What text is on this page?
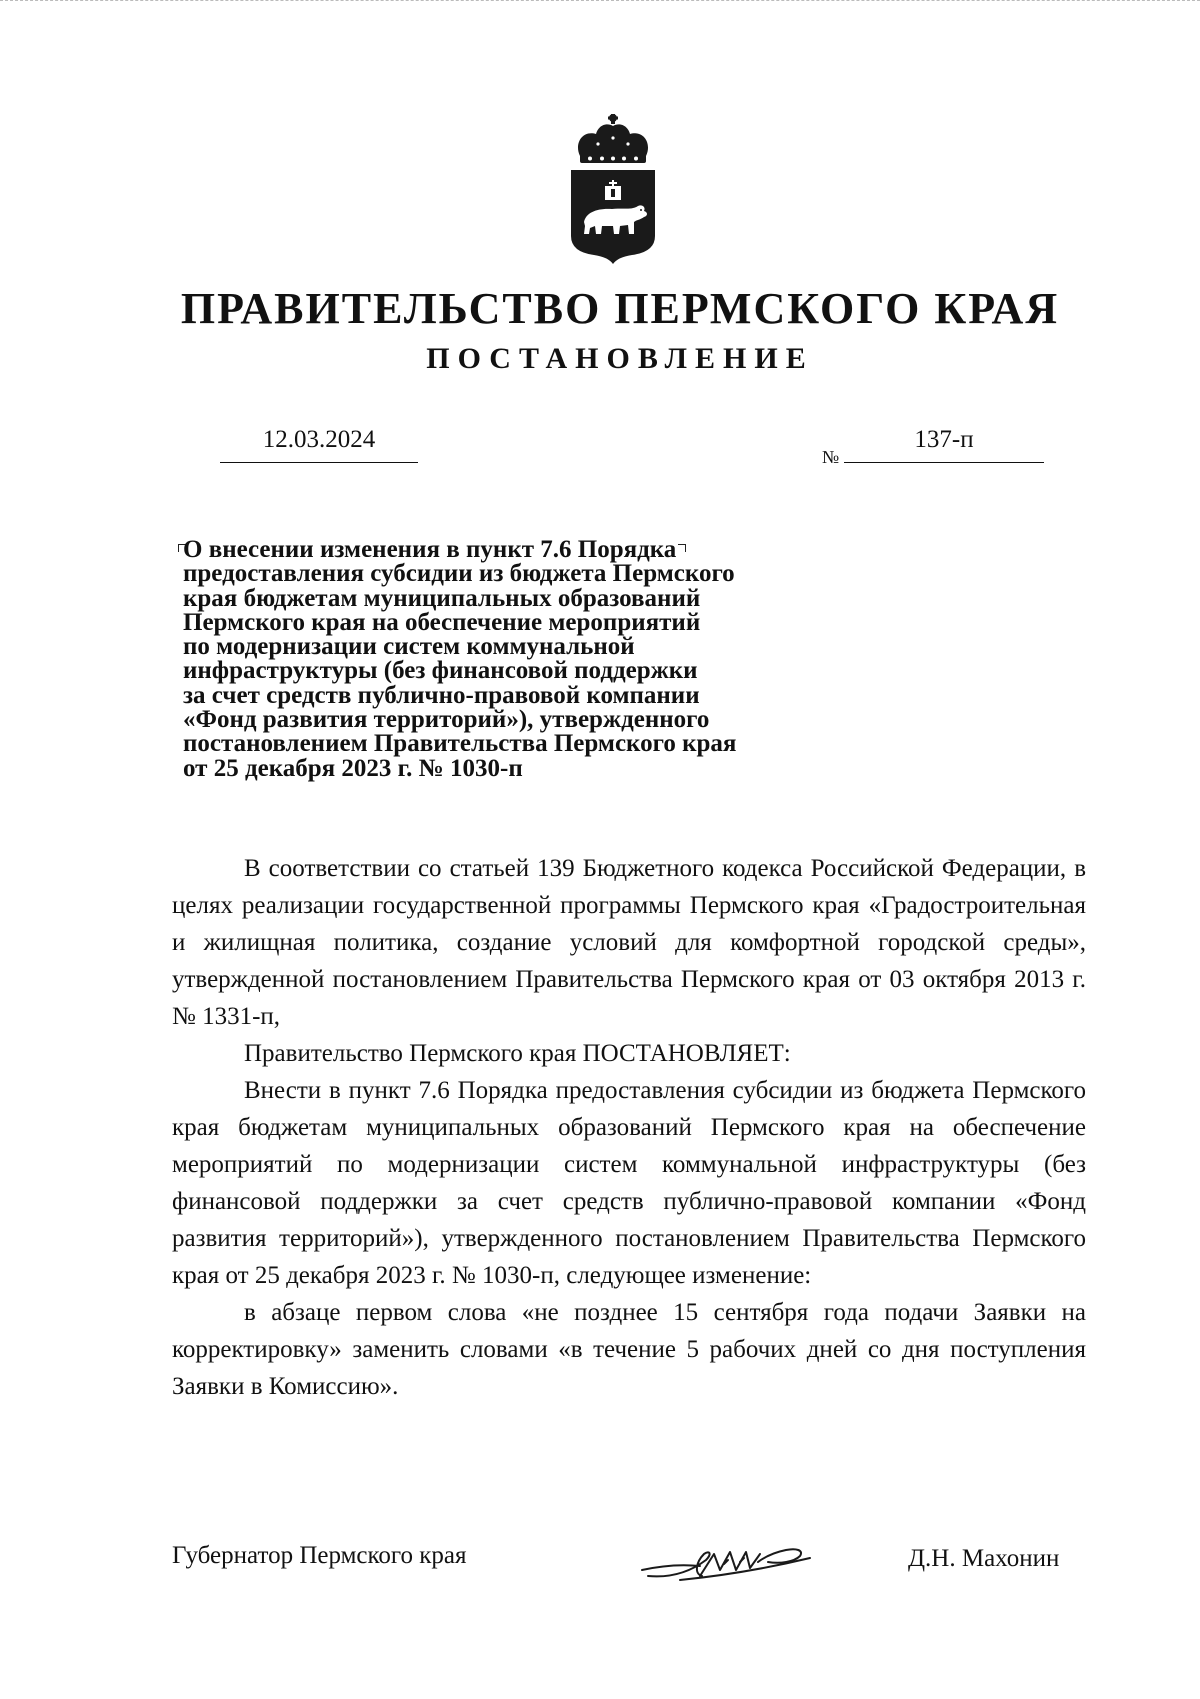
ПРАВИТЕЛЬСТВО ПЕРМСКОГО КРАЯ
ПОСТАНОВЛЕНИЕ
12.03.2024
№
137-п
О внесении изменения в пункт 7.6 Порядка
предоставления субсидии из бюджета Пермского
края бюджетам муниципальных образований
Пермского края на обеспечение мероприятий
по модернизации систем коммунальной
инфраструктуры (без финансовой поддержки
за счет средств публично-правовой компании
«Фонд развития территорий»), утвержденного
постановлением Правительства Пермского края
от 25 декабря 2023 г. № 1030-п

В соответствии со статьей 139 Бюджетного кодекса Российской Федерации, в целях реализации государственной программы Пермского края «Градостроительная и жилищная политика, создание условий для комфортной городской среды», утвержденной постановлением Правительства Пермского края от 03 октября 2013 г. № 1331-п,

Правительство Пермского края ПОСТАНОВЛЯЕТ:

Внести в пункт 7.6 Порядка предоставления субсидии из бюджета Пермского края бюджетам муниципальных образований Пермского края на обеспечение мероприятий по модернизации систем коммунальной инфраструктуры (без финансовой поддержки за счет средств публично-правовой компании «Фонд развития территорий»), утвержденного постановлением Правительства Пермского края от 25 декабря 2023 г. № 1030-п, следующее изменение:

в абзаце первом слова «не позднее 15 сентября года подачи Заявки на корректировку» заменить словами «в течение 5 рабочих дней со дня поступления Заявки в Комиссию».

Губернатор Пермского края	Д.Н. Махонин
